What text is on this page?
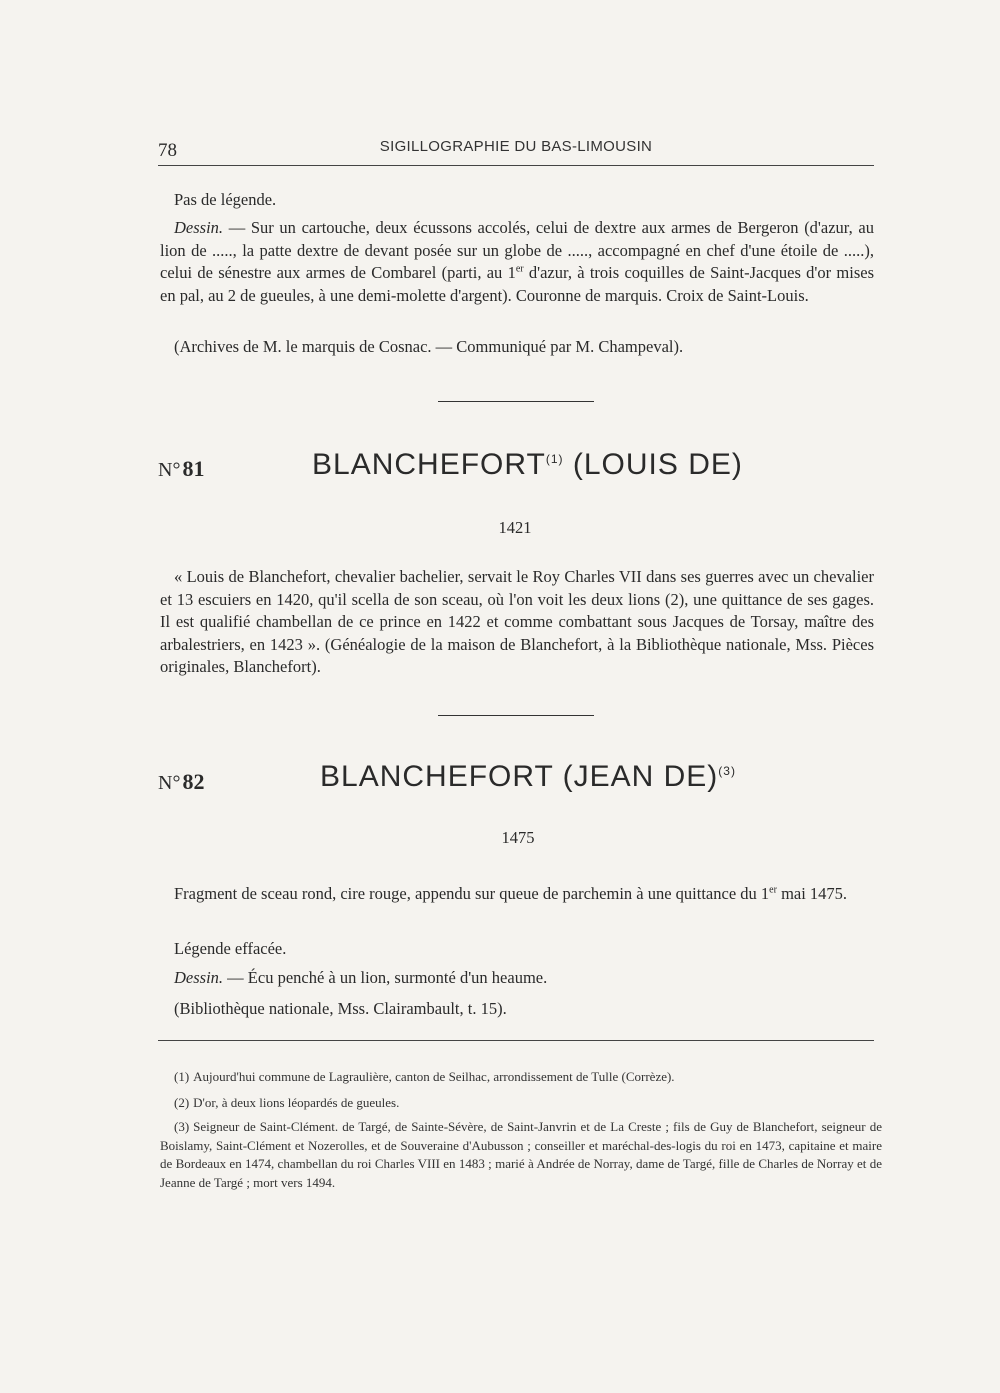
78	SIGILLOGRAPHIE DU BAS-LIMOUSIN

Pas de légende.

Dessin. — Sur un cartouche, deux écussons accolés, celui de dextre aux armes de Bergeron (d'azur, au lion de ....., la patte dextre de devant posée sur un globe de ....., accompagné en chef d'une étoile de .....), celui de sénestre aux armes de Combarel (parti, au 1er d'azur, à trois coquilles de Saint-Jacques d'or mises en pal, au 2 de gueules, à une demi-molette d'argent). Couronne de marquis. Croix de Saint-Louis.

(Archives de M. le marquis de Cosnac. — Communiqué par M. Champeval).

N°81	BLANCHEFORT$^{(1)}$ (LOUIS DE)
1421

« Louis de Blanchefort, chevalier bachelier, servait le Roy Charles VII dans ses guerres avec un chevalier et 13 escuiers en 1420, qu'il scella de son sceau, où l'on voit les deux lions (2), une quittance de ses gages. Il est qualifié chambellan de ce prince en 1422 et comme combattant sous Jacques de Torsay, maître des arbalestriers, en 1423 ». (Généalogie de la maison de Blanchefort, à la Bibliothèque nationale, Mss. Pièces originales, Blanchefort).

N°82	BLANCHEFORT (JEAN DE)$^{(3)}$
1475

Fragment de sceau rond, cire rouge, appendu sur queue de parchemin à une quittance du 1er mai 1475.

Légende effacée.

Dessin. — Écu penché à un lion, surmonté d'un heaume.

(Bibliothèque nationale, Mss. Clairambault, t. 15).

(1) Aujourd'hui commune de Lagraulière, canton de Seilhac, arrondissement de Tulle (Corrèze).

(2) D'or, à deux lions léopardés de gueules.

(3) Seigneur de Saint-Clément. de Targé, de Sainte-Sévère, de Saint-Janvrin et de La Creste ; fils de Guy de Blanchefort, seigneur de Boislamy, Saint-Clément et Nozerolles, et de Souveraine d'Aubusson ; conseiller et maréchal-des-logis du roi en 1473, capitaine et maire de Bordeaux en 1474, chambellan du roi Charles VIII en 1483 ; marié à Andrée de Norray, dame de Targé, fille de Charles de Norray et de Jeanne de Targé ; mort vers 1494.
